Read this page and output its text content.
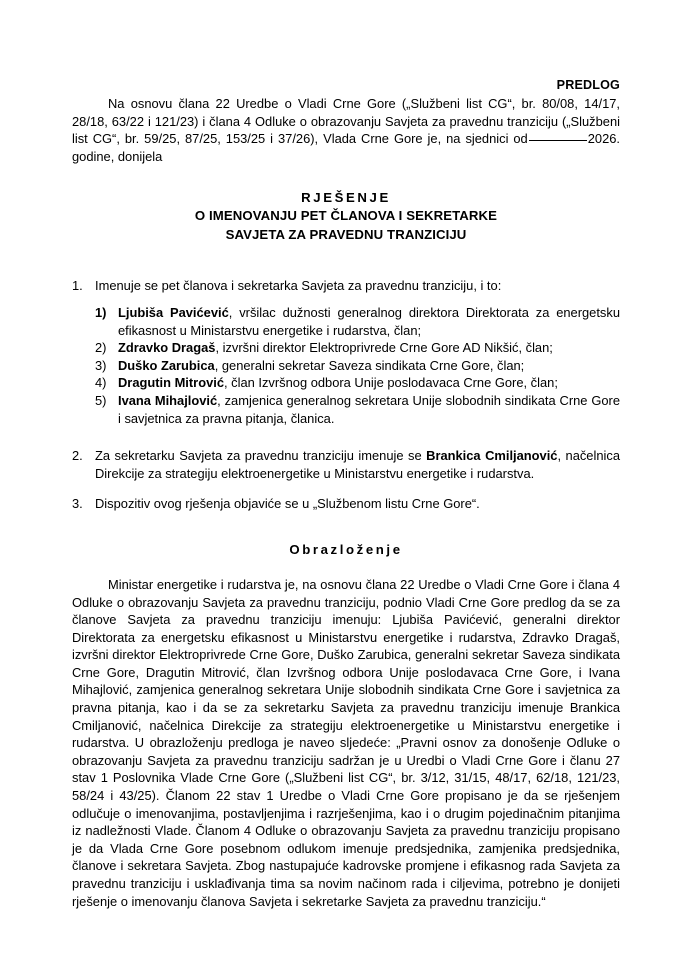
PREDLOG

Na osnovu člana 22 Uredbe o Vladi Crne Gore („Službeni list CG“, br. 80/08, 14/17, 28/18, 63/22 i 121/23) i člana 4 Odluke o obrazovanju Savjeta za pravednu tranziciju („Službeni list CG“, br. 59/25, 87/25, 153/25 i 37/26), Vlada Crne Gore je, na sjednici od	2026. godine, donijela

RJEŠENJE
O IMENOVANJU PET ČLANOVA I SEKRETARKE
SAVJETA ZA PRAVEDNU TRANZICIJU
1. Imenuje se pet članova i sekretarka Savjeta za pravednu tranziciju, i to:
1) Ljubiša Pavićević, vršilac dužnosti generalnog direktora Direktorata za energetsku efikasnost u Ministarstvu energetike i rudarstva, član;
2) Zdravko Dragaš, izvršni direktor Elektroprivrede Crne Gore AD Nikšić, član;
3) Duško Zarubica, generalni sekretar Saveza sindikata Crne Gore, član;
4) Dragutin Mitrović, član Izvršnog odbora Unije poslodavaca Crne Gore, član;
5) Ivana Mihajlović, zamjenica generalnog sekretara Unije slobodnih sindikata Crne Gore i savjetnica za pravna pitanja, članica.
2. Za sekretarku Savjeta za pravednu tranziciju imenuje se Brankica Cmiljanović, načelnica Direkcije za strategiju elektroenergetike u Ministarstvu energetike i rudarstva.
3. Dispozitiv ovog rješenja objaviće se u „Službenom listu Crne Gore“.
Obrazloženje

Ministar energetike i rudarstva je, na osnovu člana 22 Uredbe o Vladi Crne Gore i člana 4 Odluke o obrazovanju Savjeta za pravednu tranziciju, podnio Vladi Crne Gore predlog da se za članove Savjeta za pravednu tranziciju imenuju: Ljubiša Pavićević, generalni direktor Direktorata za energetsku efikasnost u Ministarstvu energetike i rudarstva, Zdravko Dragaš, izvršni direktor Elektroprivrede Crne Gore, Duško Zarubica, generalni sekretar Saveza sindikata Crne Gore, Dragutin Mitrović, član Izvršnog odbora Unije poslodavaca Crne Gore, i Ivana Mihajlović, zamjenica generalnog sekretara Unije slobodnih sindikata Crne Gore i savjetnica za pravna pitanja, kao i da se za sekretarku Savjeta za pravednu tranziciju imenuje Brankica Cmiljanović, načelnica Direkcije za strategiju elektroenergetike u Ministarstvu energetike i rudarstva. U obrazloženju predloga je naveo sljedeće: „Pravni osnov za donošenje Odluke o obrazovanju Savjeta za pravednu tranziciju sadržan je u Uredbi o Vladi Crne Gore i članu 27 stav 1 Poslovnika Vlade Crne Gore („Službeni list CG“, br. 3/12, 31/15, 48/17, 62/18, 121/23, 58/24 i 43/25). Članom 22 stav 1 Uredbe o Vladi Crne Gore propisano je da se rješenjem odlučuje o imenovanjima, postavljenjima i razrješenjima, kao i o drugim pojedinačnim pitanjima iz nadležnosti Vlade. Članom 4 Odluke o obrazovanju Savjeta za pravednu tranziciju propisano je da Vlada Crne Gore posebnom odlukom imenuje predsjednika, zamjenika predsjednika, članove i sekretara Savjeta. Zbog nastupajuće kadrovske promjene i efikasnog rada Savjeta za pravednu tranziciju i usklađivanja tima sa novim načinom rada i ciljevima, potrebno je donijeti rješenje o imenovanju članova Savjeta i sekretarke Savjeta za pravednu tranziciju.“
